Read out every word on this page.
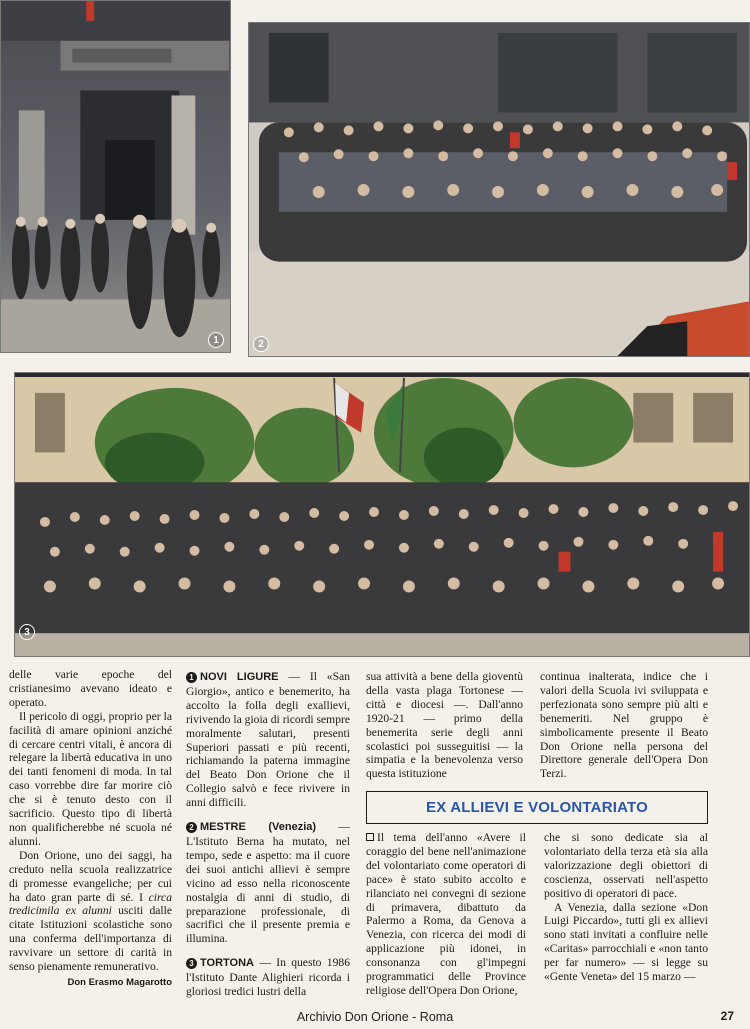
1	2
3

delle varie epoche del cristianesimo avevano ideato e operato.

Il pericolo di oggi, proprio per la facilità di amare opinioni anziché di cercare centri vitali, è ancora di relegare la libertà educativa in uno dei tanti fenomeni di moda. In tal caso vorrebbe dire far morire ciò che si è tenuto desto con il sacrificio. Questo tipo di libertà non qualificherebbe né scuola né alunni.

Don Orione, uno dei saggi, ha creduto nella scuola realizzatrice di promesse evangeliche; per cui ha dato gran parte di sé. I circa tredicimila ex alunni usciti dalle citate Istituzioni scolastiche sono una conferma dell'importanza di ravvivare un settore di carità in senso pienamente remunerativo.

Don Erasmo Magarotto

1 NOVI LIGURE — Il «San Giorgio», antico e benemerito, ha accolto la folla degli exallievi, rivivendo la gioia di ricordi sempre moralmente salutari, presenti Superiori passati e più recenti, richiamando la paterna immagine del Beato Don Orione che il Collegio salvò e fece rivivere in anni difficili.

2 MESTRE (Venezia) — L'Istituto Berna ha mutato, nel tempo, sede e aspetto: ma il cuore dei suoi antichi allievi è sempre vicino ad esso nella riconoscente nostalgia di anni di studio, di preparazione professionale, di sacrifici che il presente premia e illumina.

3 TORTONA — In questo 1986 l'Istituto Dante Alighieri ricorda i gloriosi tredici lustri della

sua attività a bene della gioventù della vasta plaga Tortonese — città e diocesi —. Dall'anno 1920-21 — primo della benemerita serie degli anni scolastici poi susseguitisi — la simpatia e la benevolenza verso questa istituzione

continua inalterata, indice che i valori della Scuola ivi sviluppata e perfezionata sono sempre più alti e benemeriti. Nel gruppo è simbolicamente presente il Beato Don Orione nella persona del Direttore generale dell'Opera Don Terzi.

EX ALLIEVI E VOLONTARIATO

Il tema dell'anno «Avere il coraggio del bene nell'animazione del volontariato come operatori di pace» è stato subito accolto e rilanciato nei convegni di sezione di primavera, dibattuto da Palermo a Roma, da Genova a Venezia, con ricerca dei modi di applicazione più idonei, in consonanza con gl'impegni programmatici delle Province religiose dell'Opera Don Orione,

che si sono dedicate sia al volontariato della terza età sia alla valorizzazione degli obiettori di coscienza, osservati nell'aspetto positivo di operatori di pace.

A Venezia, dalla sezione «Don Luigi Piccardo», tutti gli ex allievi sono stati invitati a confluire nelle «Caritas» parrocchiali e «non tanto per far numero» — si legge su «Gente Veneta» del 15 marzo —

Archivio Don Orione - Roma	27
